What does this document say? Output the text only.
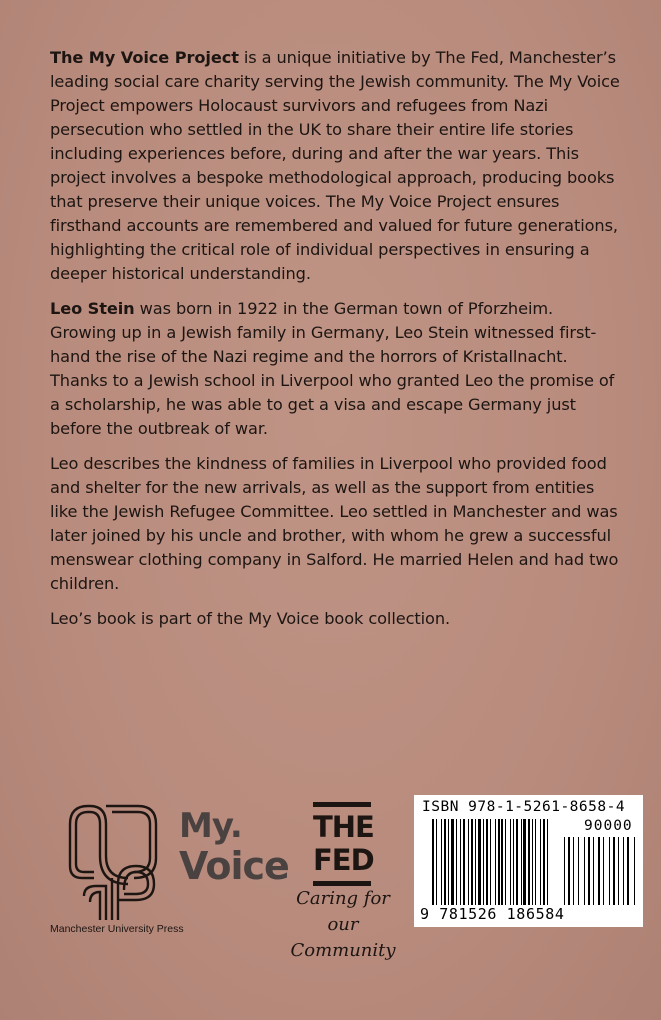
The My Voice Project is a unique initiative by The Fed, Manchester’s leading social care charity serving the Jewish community. The My Voice Project empowers Holocaust survivors and refugees from Nazi persecution who settled in the UK to share their entire life stories including experiences before, during and after the war years. This project involves a bespoke methodological approach, producing books that preserve their unique voices. The My Voice Project ensures firsthand accounts are remembered and valued for future generations, highlighting the critical role of individual perspectives in ensuring a deeper historical understanding.

Leo Stein was born in 1922 in the German town of Pforzheim. Growing up in a Jewish family in Germany, Leo Stein witnessed first-hand the rise of the Nazi regime and the horrors of Kristallnacht. Thanks to a Jewish school in Liverpool who granted Leo the promise of a scholarship, he was able to get a visa and escape Germany just before the outbreak of war.

Leo describes the kindness of families in Liverpool who provided food and shelter for the new arrivals, as well as the support from entities like the Jewish Refugee Committee. Leo settled in Manchester and was later joined by his uncle and brother, with whom he grew a successful menswear clothing company in Salford. He married Helen and had two children.

Leo’s book is part of the My Voice book collection.

Manchester University Press
My.
Voice
THE
FED
Caring for our
Community
ISBN 978-1-5261-8658-4
90000
9 781526 186584
